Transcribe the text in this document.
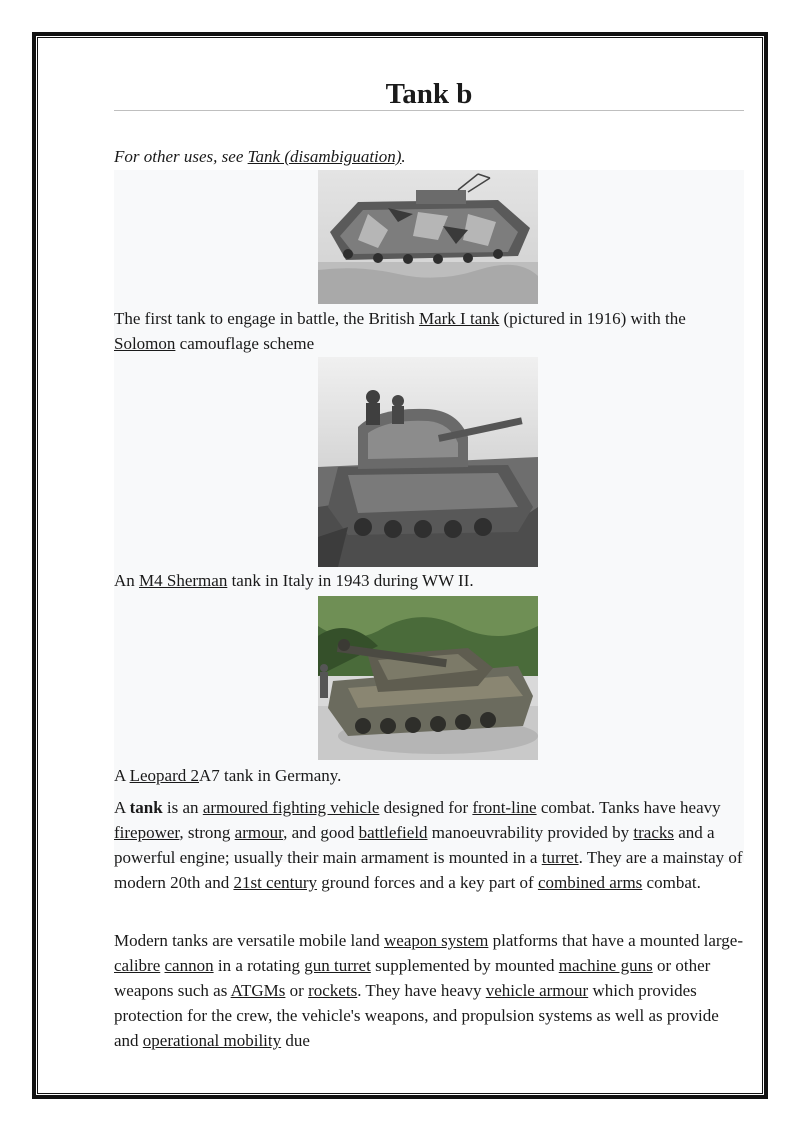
Tank b

For other uses, see Tank (disambiguation).

The first tank to engage in battle, the British Mark I tank (pictured in 1916) with the Solomon camouflage scheme

An M4 Sherman tank in Italy in 1943 during WW II.

A Leopard 2A7 tank in Germany.

A tank is an armoured fighting vehicle designed for front-line combat. Tanks have heavy firepower, strong armour, and good battlefield manoeuvrability provided by tracks and a powerful engine; usually their main armament is mounted in a turret. They are a mainstay of modern 20th and 21st century ground forces and a key part of combined arms combat.

Modern tanks are versatile mobile land weapon system platforms that have a mounted large-calibre cannon in a rotating gun turret supplemented by mounted machine guns or other weapons such as ATGMs or rockets. They have heavy vehicle armour which provides protection for the crew, the vehicle's weapons, and propulsion systems as well as provide and operational mobility due
